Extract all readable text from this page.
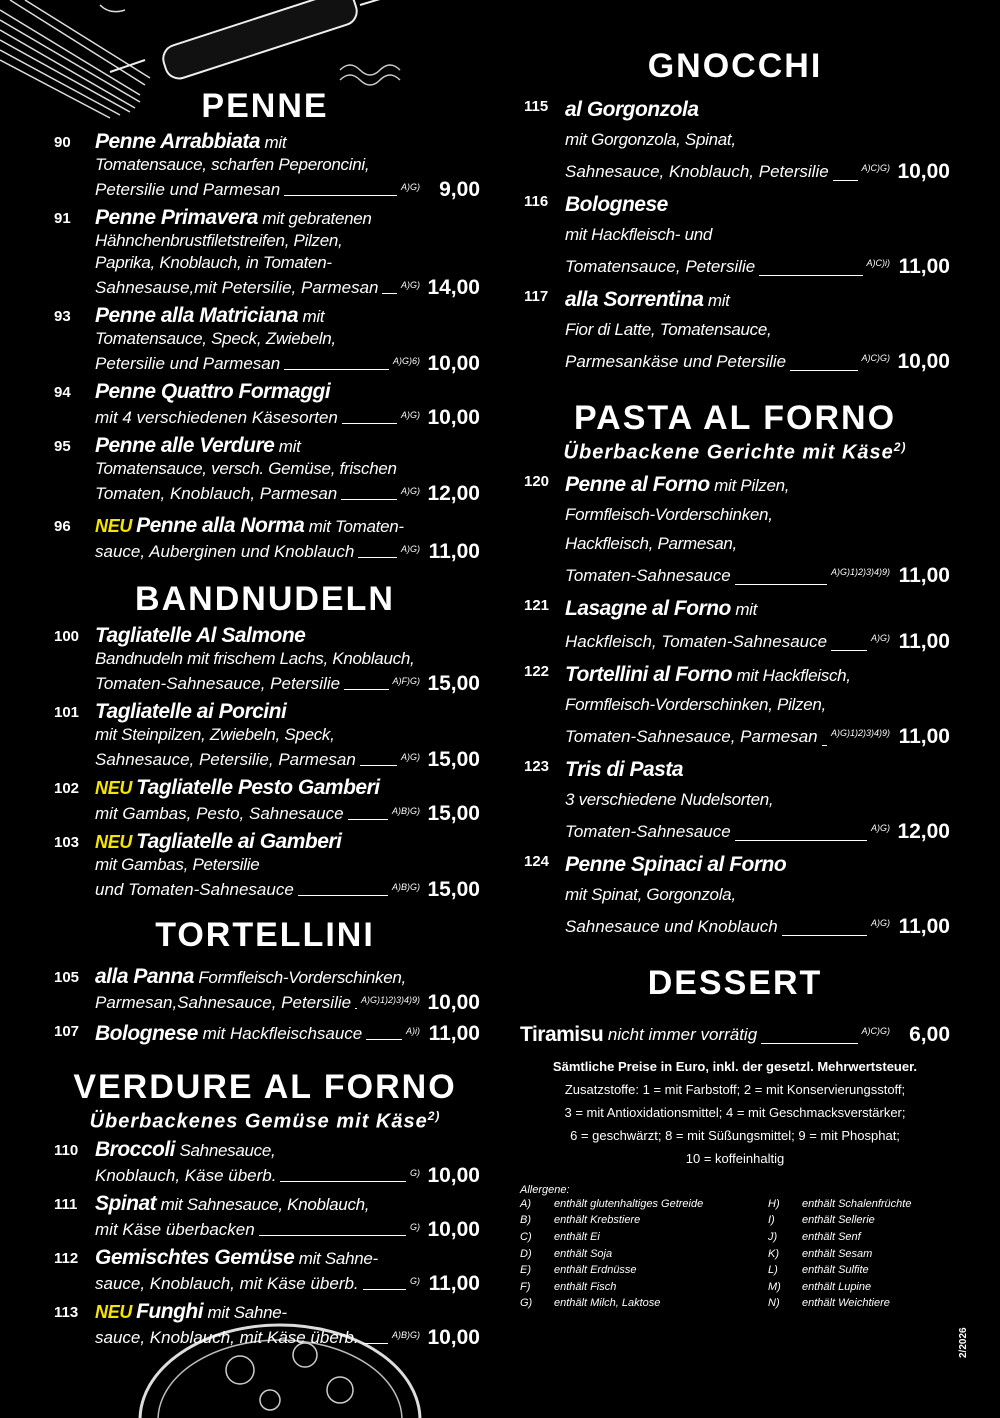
PENNE
90 Penne Arrabbiata mit
Tomatensauce, scharfen Peperoncini,
Petersilie und Parmesan	A)G) 9,00
91 Penne Primavera mit gebratenen
Hähnchenbrustfiletstreifen, Pilzen,
Paprika, Knoblauch, in Tomaten-
Sahnesause,mit Petersilie, Parmesan	A)G) 14,00
93 Penne alla Matriciana mit
Tomatensauce, Speck, Zwiebeln,
Petersilie und Parmesan	A)G)6) 10,00
94 Penne Quattro Formaggi
mit 4 verschiedenen Käsesorten	A)G) 10,00
95 Penne alle Verdure mit
Tomatensauce, versch. Gemüse, frischen
Tomaten, Knoblauch, Parmesan	A)G) 12,00
96 NEU Penne alla Norma mit Tomaten-
sauce, Auberginen und Knoblauch	A)G) 11,00
BANDNUDELN
100 Tagliatelle Al Salmone
Bandnudeln mit frischem Lachs, Knoblauch,
Tomaten-Sahnesauce, Petersilie	A)F)G) 15,00
101 Tagliatelle ai Porcini
mit Steinpilzen, Zwiebeln, Speck,
Sahnesauce, Petersilie, Parmesan	A)G) 15,00
102 NEU Tagliatelle Pesto Gamberi
mit Gambas, Pesto, Sahnesauce	A)B)G) 15,00
103 NEU Tagliatelle ai Gamberi
mit Gambas, Petersilie
und Tomaten-Sahnesauce	A)B)G) 15,00
TORTELLINI
105 alla Panna Formfleisch-Vorderschinken,
Parmesan,Sahnesauce, Petersilie A)G)1)2)3)4)9) 10,00
107 Bolognese
mit Hackfleischsauce	A)i) 11,00
VERDURE AL FORNO
Überbackenes Gemüse mit Käse$^{2)}$
110 Broccoli Sahnesauce,
Knoblauch, Käse überb.	G) 10,00
111 Spinat mit Sahnesauce, Knoblauch,
mit Käse überbacken	G) 10,00
112 Gemischtes Gemüse mit Sahne-
sauce, Knoblauch, mit Käse überb.	G) 11,00
113 NEU Funghi mit Sahne-
sauce, Knoblauch, mit Käse überb.	A)B)G) 10,00
GNOCCHI
115 al Gorgonzola
mit Gorgonzola, Spinat,
Sahnesauce, Knoblauch, Petersilie	A)C)G) 10,00
116 Bolognese
mit Hackfleisch- und
Tomatensauce, Petersilie	A)C)i) 11,00
117 alla Sorrentina mit
Fior di Latte, Tomatensauce,
Parmesankäse und Petersilie	A)C)G) 10,00
PASTA AL FORNO
Überbackene Gerichte mit Käse$^{2)}$
120 Penne al Forno mit Pilzen,
Formfleisch-Vorderschinken,
Hackfleisch, Parmesan,
Tomaten-Sahnesauce	A)G)1)2)3)4)9) 11,00
121 Lasagne al Forno mit
Hackfleisch, Tomaten-Sahnesauce	A)G) 11,00
122 Tortellini al Forno mit Hackfleisch,
Formfleisch-Vorderschinken, Pilzen,
Tomaten-Sahnesauce, Parmesan A)G)1)2)3)4)9) 11,00
123 Tris di Pasta
3 verschiedene Nudelsorten,
Tomaten-Sahnesauce	A)G) 12,00
124 Penne Spinaci al Forno
mit Spinat, Gorgonzola,
Sahnesauce und Knoblauch	A)G) 11,00
DESSERT
Tiramisu
nicht immer vorrätig	A)C)G) 6,00
Sämtliche Preise in Euro, inkl. der gesetzl. Mehrwertsteuer.
Zusatzstoffe: 1 = mit Farbstoff; 2 = mit Konservierungsstoff;
3 = mit Antioxidationsmittel; 4 = mit Geschmacksverstärker;
6 = geschwärzt; 8 = mit Süßungsmittel; 9 = mit Phosphat;
10 = koffeinhaltig
Allergene:
A)	enthält glutenhaltiges Getreide	H)	enthält Schalenfrüchte
B)	enthält Krebstiere	I)	enthält Sellerie
C)	enthält Ei	J)	enthält Senf
D)	enthält Soja	K)	enthält Sesam
E)	enthält Erdnüsse	L)	enthält Sulfite
F)	enthält Fisch	M)	enthält Lupine
G)	enthält Milch, Laktose	N)	enthält Weichtiere
2/2026
